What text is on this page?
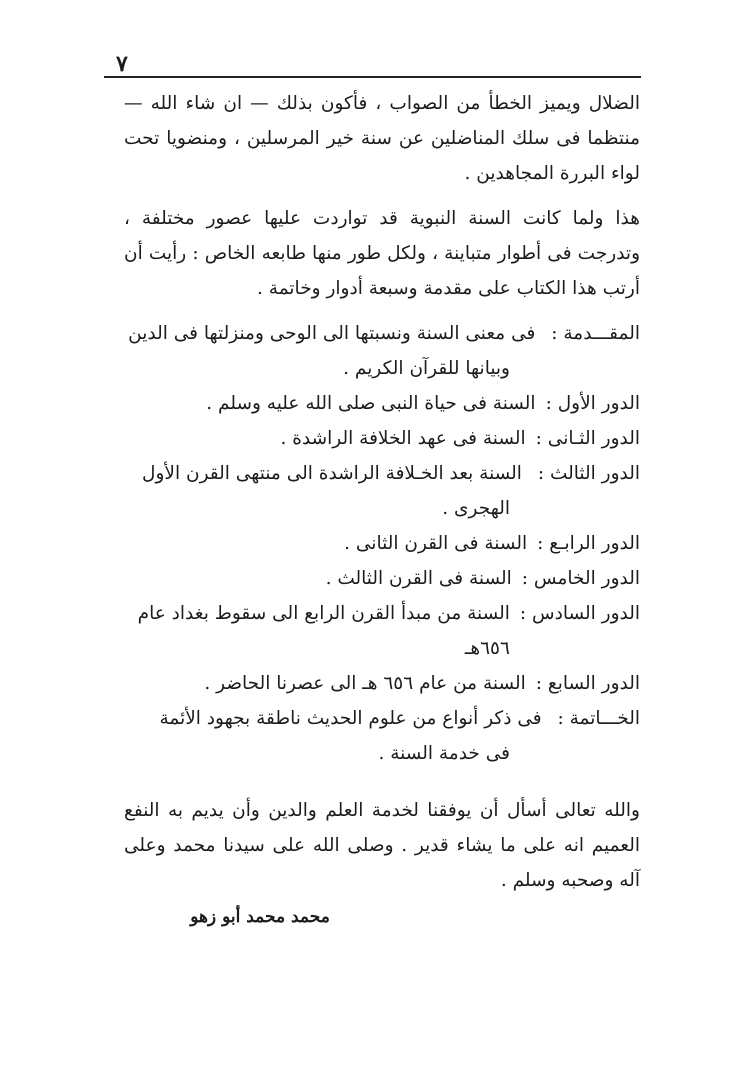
٧

الضلال ويميز الخطأ من الصواب ، فأكون بذلك — ان شاء الله — منتظما فى سلك المناضلين عن سنة خير المرسلين ، ومنضويا تحت لواء البررة المجاهدين .

هذا ولما كانت السنة النبوية قد تواردت عليها عصور مختلفة ، وتدرجت فى أطوار متباينة ، ولكل طور منها طابعه الخاص : رأيت أن أرتب هذا الكتاب على مقدمة وسبعة أدوار وخاتمة .

المقـــدمة : فى معنى السنة ونسبتها الى الوحى ومنزلتها فى الدين
وبيانها للقرآن الكريم .
الدور الأول :
السنة فى حياة النبى صلى الله عليه وسلم .
الدور الثـانى :
السنة فى عهد الخلافة الراشدة .
الدور الثالث : السنة بعد الخـلافة الراشدة الى منتهى القرن الأول
الهجرى .
الدور الرابـع :
السنة فى القرن الثانى .
الدور الخامس :
السنة فى القرن الثالث .
الدور السادس :
السنة من مبدأ القرن الرابع الى سقوط بغداد عام ٦٥٦هـ
الدور السابع :
السنة من عام ٦٥٦ هـ الى عصرنا الحاضر .
الخـــاتمة : فى ذكر أنواع من علوم الحديث ناطقة بجهود الأئمة
فى خدمة السنة .

والله تعالى أسأل أن يوفقنا لخدمة العلم والدين وأن يديم به النفع العميم انه على ما يشاء قدير . وصلى الله على سيدنا محمد وعلى آله وصحبه وسلم .

محمد محمد أبو زهو
